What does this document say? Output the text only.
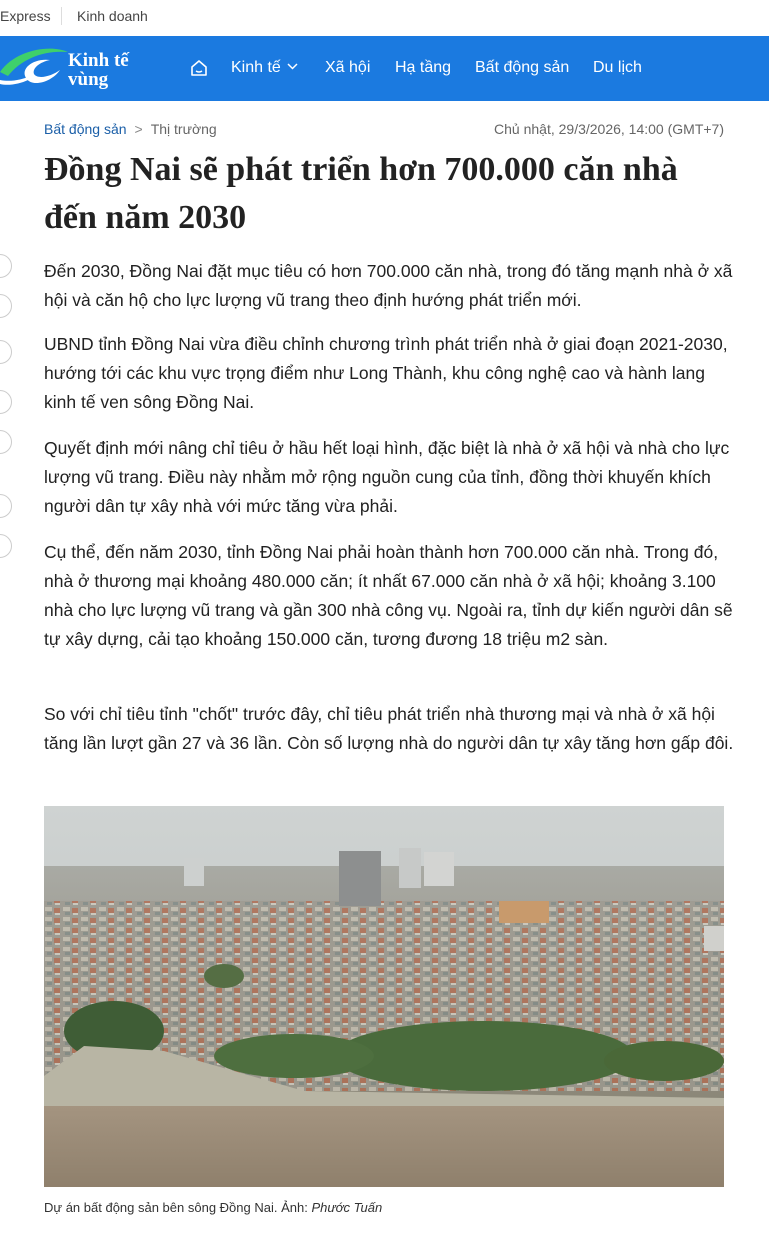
Express Kinh doanh
Kinh tế
vùng
Kinh tế	Xã hội Hạ tầng Bất động sản Du lịch
Bất động sản > Thị trường	Chủ nhật, 29/3/2026, 14:00 (GMT+7)
Đồng Nai sẽ phát triển hơn 700.000 căn nhà đến năm 2030

Đến 2030, Đồng Nai đặt mục tiêu có hơn 700.000 căn nhà, trong đó tăng mạnh nhà ở xã hội và căn hộ cho lực lượng vũ trang theo định hướng phát triển mới.

UBND tỉnh Đồng Nai vừa điều chỉnh chương trình phát triển nhà ở giai đoạn 2021-2030, hướng tới các khu vực trọng điểm như Long Thành, khu công nghệ cao và hành lang kinh tế ven sông Đồng Nai.

Quyết định mới nâng chỉ tiêu ở hầu hết loại hình, đặc biệt là nhà ở xã hội và nhà cho lực lượng vũ trang. Điều này nhằm mở rộng nguồn cung của tỉnh, đồng thời khuyến khích người dân tự xây nhà với mức tăng vừa phải.

Cụ thể, đến năm 2030, tỉnh Đồng Nai phải hoàn thành hơn 700.000 căn nhà. Trong đó, nhà ở thương mại khoảng 480.000 căn; ít nhất 67.000 căn nhà ở xã hội; khoảng 3.100 nhà cho lực lượng vũ trang và gần 300 nhà công vụ. Ngoài ra, tỉnh dự kiến người dân sẽ tự xây dựng, cải tạo khoảng 150.000 căn, tương đương 18 triệu m2 sàn.

So với chỉ tiêu tỉnh "chốt" trước đây, chỉ tiêu phát triển nhà thương mại và nhà ở xã hội tăng lần lượt gần 27 và 36 lần. Còn số lượng nhà do người dân tự xây tăng hơn gấp đôi.

Dự án bất động sản bên sông Đồng Nai. Ảnh: Phước Tuấn
